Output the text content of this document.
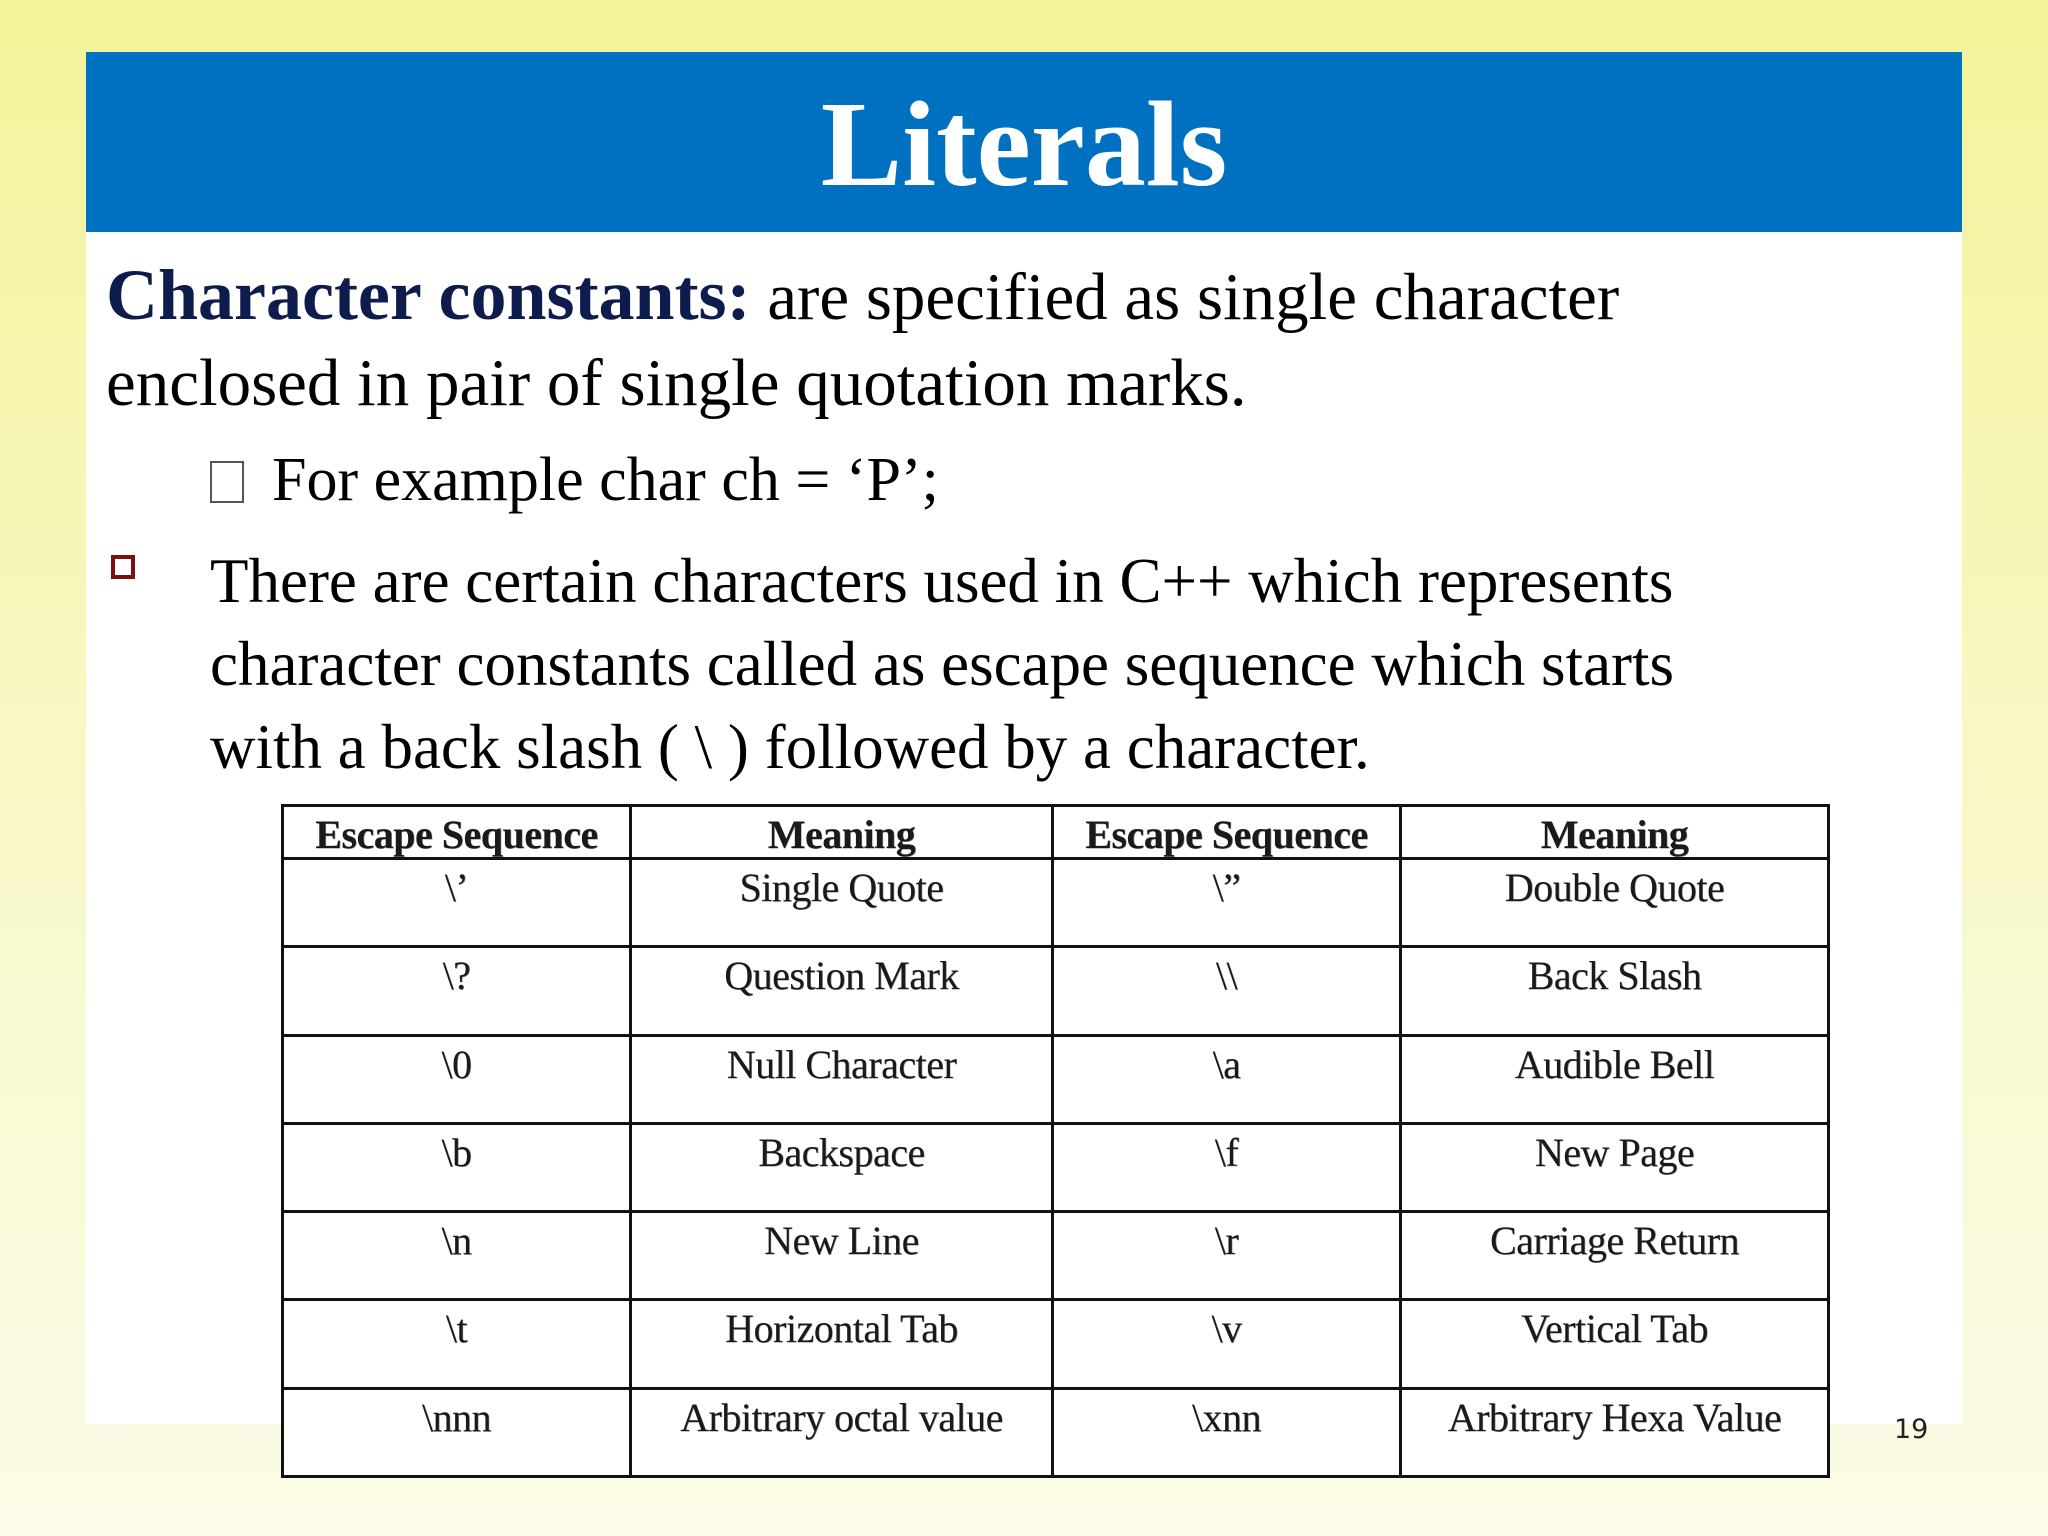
Literals
Character constants: are specified as single character
enclosed in pair of single quotation marks.
For example char ch = ‘P’;
There are certain characters used in C++ which represents
character constants called as escape sequence which starts
with a back slash ( \ ) followed by a character.
Escape Sequence	Meaning	Escape Sequence	Meaning
\’	Single Quote	\”	Double Quote
\?	Question Mark	\\	Back Slash
\0	Null Character	\a	Audible Bell
\b	Backspace	\f	New Page
\n	New Line	\r	Carriage Return
\t	Horizontal Tab	\v	Vertical Tab
\nnn	Arbitrary octal value	\xnn	Arbitrary Hexa Value	19
